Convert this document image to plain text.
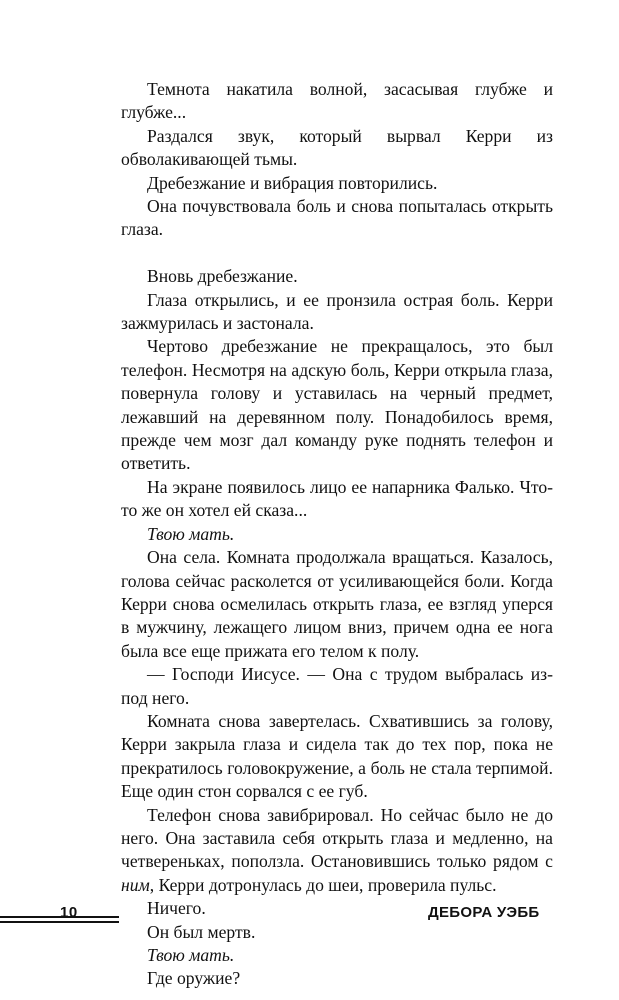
Темнота накатила волной, засасывая глубже и глубже...

Раздался звук, который вырвал Керри из обволакивающей тьмы.

Дребезжание и вибрация повторились.

Она почувствовала боль и снова попыталась открыть глаза.

Вновь дребезжание.

Глаза открылись, и ее пронзила острая боль. Керри зажмурилась и застонала.

Чертово дребезжание не прекращалось, это был телефон. Несмотря на адскую боль, Керри открыла глаза, повернула голову и уставилась на черный предмет, лежавший на деревянном полу. Понадобилось время, прежде чем мозг дал команду руке поднять телефон и ответить.

На экране появилось лицо ее напарника Фалько. Что-то же он хотел ей сказа...

Твою мать.

Она села. Комната продолжала вращаться. Казалось, голова сейчас расколется от усиливающейся боли. Когда Керри снова осмелилась открыть глаза, ее взгляд уперся в мужчину, лежащего лицом вниз, причем одна ее нога была все еще прижата его телом к полу.

— Господи Иисусе. — Она с трудом выбралась из-под него.

Комната снова завертелась. Схватившись за голову, Керри закрыла глаза и сидела так до тех пор, пока не прекратилось головокружение, а боль не стала терпимой. Еще один стон сорвался с ее губ.

Телефон снова завибрировал. Но сейчас было не до него. Она заставила себя открыть глаза и медленно, на четвереньках, поползла. Остановившись только рядом с ним, Керри дотронулась до шеи, проверила пульс.

Ничего.

Он был мертв.

Твою мать.

Где оружие?

10	ДЕБОРА УЭББ
